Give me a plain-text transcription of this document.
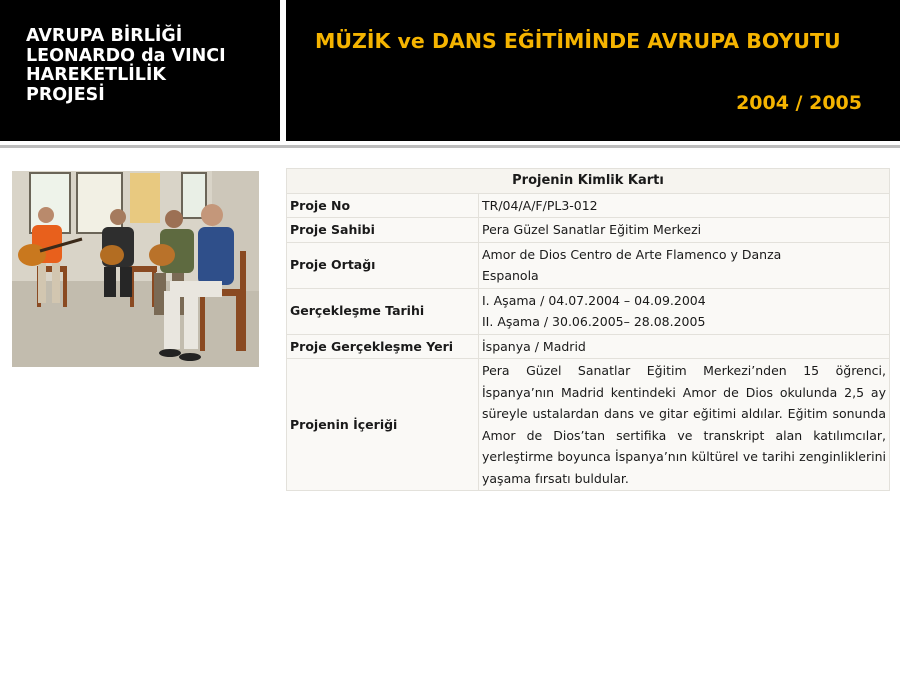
AVRUPA BİRLİĞİ
LEONARDO da VINCI
HAREKETLİLİK
PROJESİ
MÜZİK ve DANS EĞİTİMİNDE AVRUPA BOYUTU
2004 / 2005
Projenin Kimlik Kartı	
Proje No	TR/04/A/F/PL3-012
Proje Sahibi	Pera Güzel Sanatlar Eğitim Merkezi
Proje Ortağı	Amor de Dios Centro de Arte Flamenco y Danza
Espanola

Gerçekleşme Tarihi	I. Aşama / 04.07.2004 – 04.09.2004
II. Aşama / 30.06.2005– 28.08.2005

Proje Gerçekleşme Yeri	İspanya / Madrid
Projenin İçeriği	Pera Güzel Sanatlar Eğitim Merkezi’nden 15 öğrenci, İspanya’nın Madrid kentindeki Amor de Dios okulunda 2,5 ay süreyle ustalardan dans ve gitar eğitimi aldılar. Eğitim sonunda Amor de Dios’tan sertifika ve transkript alan katılımcılar, yerleştirme boyunca İspanya’nın kültürel ve tarihi zenginliklerini yaşama fırsatı buldular.
